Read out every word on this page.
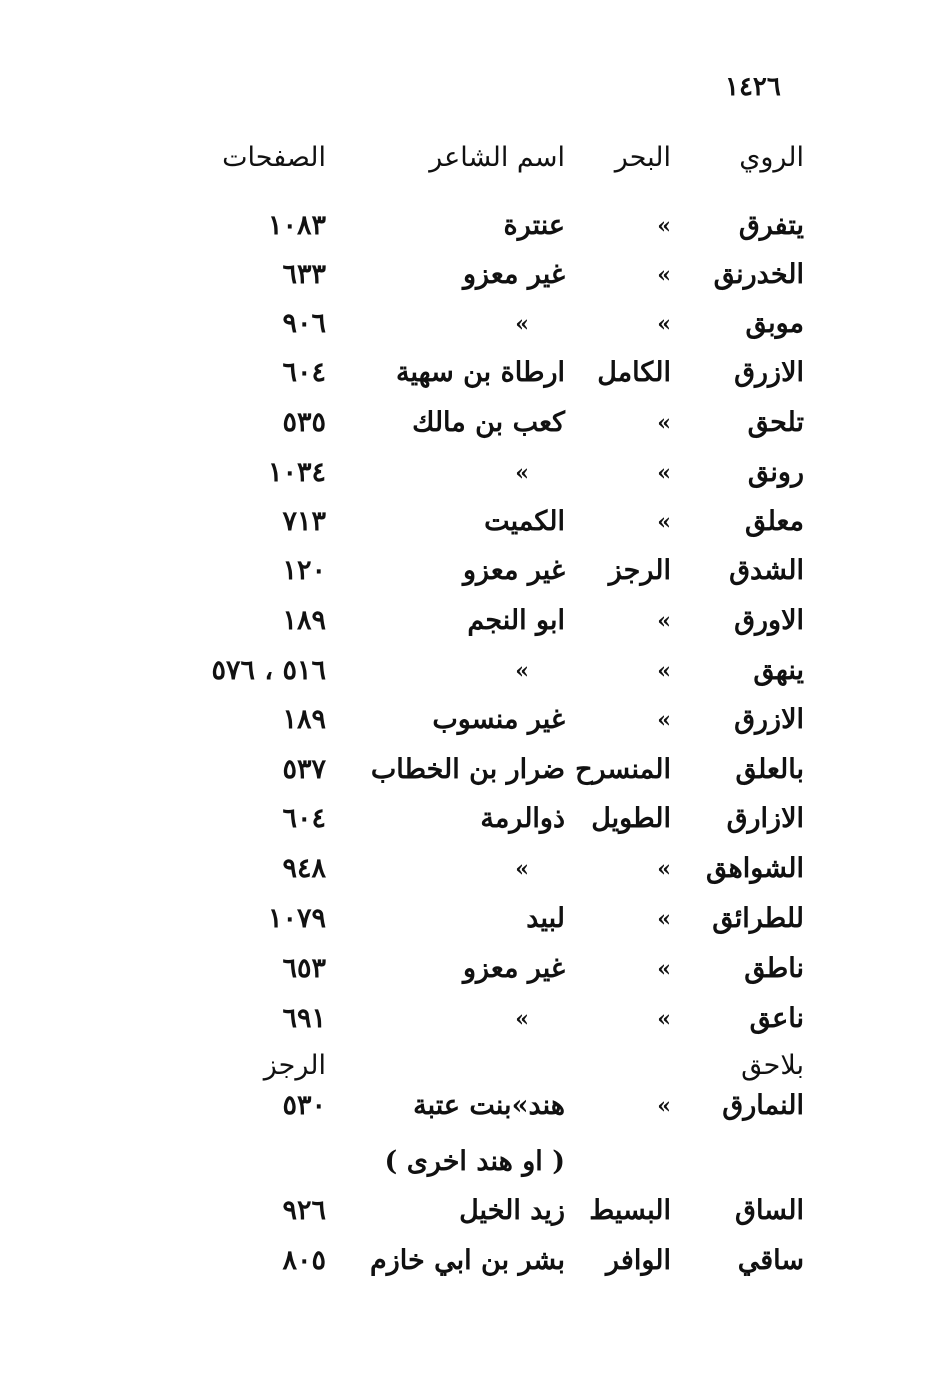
١٤٢٦
الروي
البحر
اسم الشاعر
الصفحات
يتفرق
»
عنترة
١٠٨٣
الخدرنق
»
غير معزو
٦٣٣
موبق
»
»
٩٠٦
الازرق
الكامل
ارطاة بن سهية
٦٠٤
تلحق
»
كعب بن مالك
٥٣٥
رونق
»
»
١٠٣٤
معلق
»
الكميت
٧١٣
الشدق
الرجز
غير معزو
١٢٠
الاورق
»
ابو النجم
١٨٩
ينهق
»
»
٥١٦ ، ٥٧٦
الازرق
»
غير منسوب
١٨٩
بالعلق
المنسرح
ضرار بن الخطاب
٥٣٧
الازارق
الطويل
ذوالرمة
٦٠٤
الشواهق
»
»
٩٤٨
للطرائق
»
لبيد
١٠٧٩
ناطق
»
غير معزو
٦٥٣
ناعق
»
»
٦٩١
بلاحق
الرجز
النمارق
»
هند»بنت عتبة
٥٣٠
( او هند اخرى )
الساق
البسيط
زيد الخيل
٩٢٦
ساقي
الوافر
بشر بن ابي خازم
٨٠٥
